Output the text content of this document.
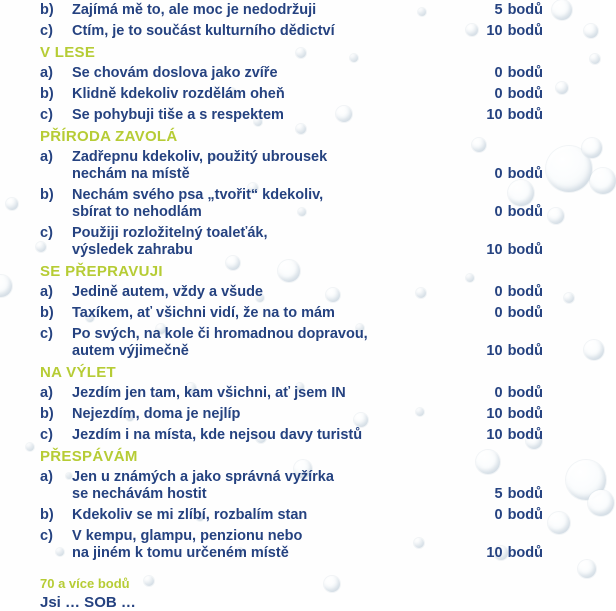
b)	Zajímá mě to, ale moc je nedodržuji	5 bodů
c)	Ctím, je to součást kulturního dědictví	10 bodů
V LESE
a)	Se chovám doslova jako zvíře	0 bodů
b)	Klidně kdekoliv rozdělám oheň	0 bodů
c)	Se pohybuji tiše a s respektem	10 bodů
PŘÍRODA ZAVOLÁ
a)	Zadřepnu kdekoliv, použitý ubrousek
nechám na místě	0 bodů
b)	Nechám svého psa „tvořit“ kdekoliv,
sbírat to nehodlám	0 bodů
c)	Použiji rozložitelný toaleťák,
výsledek zahrabu	10 bodů
SE PŘEPRAVUJI
a)	Jedině autem, vždy a všude	0 bodů
b)	Taxíkem, ať všichni vidí, že na to mám	0 bodů
c)	Po svých, na kole či hromadnou dopravou,
autem výjimečně	10 bodů
NA VÝLET
a)	Jezdím jen tam, kam všichni, ať jsem IN	0 bodů
b)	Nejezdím, doma je nejlíp	10 bodů
c)	Jezdím i na místa, kde nejsou davy turistů	10 bodů
PŘESPÁVÁM
a)	Jen u známých a jako správná vyžírka
se nechávám hostit	5 bodů
b)	Kdekoliv se mi zlíbí, rozbalím stan	0 bodů
c)	V kempu, glampu, penzionu nebo
na jiném k tomu určeném místě	10 bodů
70 a více bodů
Jsi … SOB …
